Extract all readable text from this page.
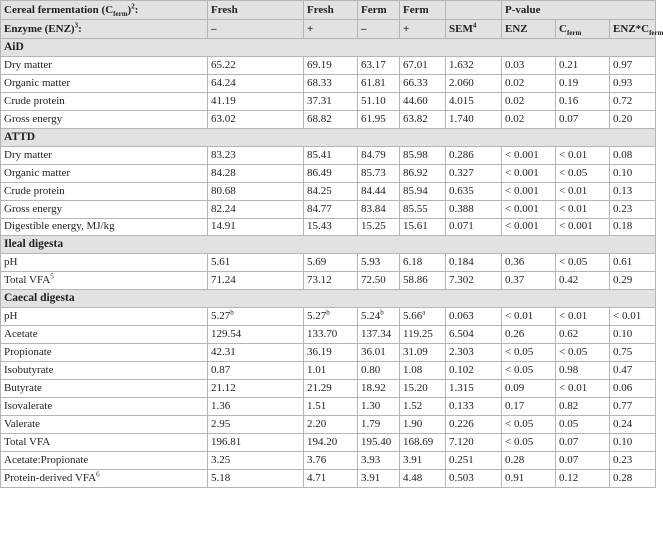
Cereal fermentation $(C_{ferm})^2$:	Fresh	Fresh	Ferm	Ferm		P-value		
Enzyme (ENZ)$^3$:	–	+	–	+	$SEM^4$	ENZ	$C_{ferm}$	$ENZ*C_{ferm}$
AiD								
Dry matter	65.22	69.19	63.17	67.01	1.632	0.03	0.21	0.97
Organic matter	64.24	68.33	61.81	66.33	2.060	0.02	0.19	0.93
Crude protein	41.19	37.31	51.10	44.60	4.015	0.02	0.16	0.72
Gross energy	63.02	68.82	61.95	63.82	1.740	0.02	0.07	0.20
ATTD								
Dry matter	83.23	85.41	84.79	85.98	0.286	< 0.001	< 0.01	0.08
Organic matter	84.28	86.49	85.73	86.92	0.327	< 0.001	< 0.05	0.10
Crude protein	80.68	84.25	84.44	85.94	0.635	< 0.001	< 0.01	0.13
Gross energy	82.24	84.77	83.84	85.55	0.388	< 0.001	< 0.01	0.23
Digestible energy, MJ/kg	14.91	15.43	15.25	15.61	0.071	< 0.001	< 0.001	0.18
Ileal digesta								
pH	5.61	5.69	5.93	6.18	0.184	0.36	< 0.05	0.61
Total VFA$^5$	71.24	73.12	72.50	58.86	7.302	0.37	0.42	0.29
Caecal digesta								
pH	5.27$^b$	5.27$^b$	5.24$^b$	5.66$^a$	0.063	< 0.01	< 0.01	< 0.01
Acetate	129.54	133.70	137.34	119.25	6.504	0.26	0.62	0.10
Propionate	42.31	36.19	36.01	31.09	2.303	< 0.05	< 0.05	0.75
Isobutyrate	0.87	1.01	0.80	1.08	0.102	< 0.05	0.98	0.47
Butyrate	21.12	21.29	18.92	15.20	1.315	0.09	< 0.01	0.06
Isovalerate	1.36	1.51	1.30	1.52	0.133	0.17	0.82	0.77
Valerate	2.95	2.20	1.79	1.90	0.226	< 0.05	0.05	0.24
Total VFA	196.81	194.20	195.40	168.69	7.120	< 0.05	0.07	0.10
Acetate:Propionate	3.25	3.76	3.93	3.91	0.251	0.28	0.07	0.23
Protein-derived VFA$^6$	5.18	4.71	3.91	4.48	0.503	0.91	0.12	0.28
